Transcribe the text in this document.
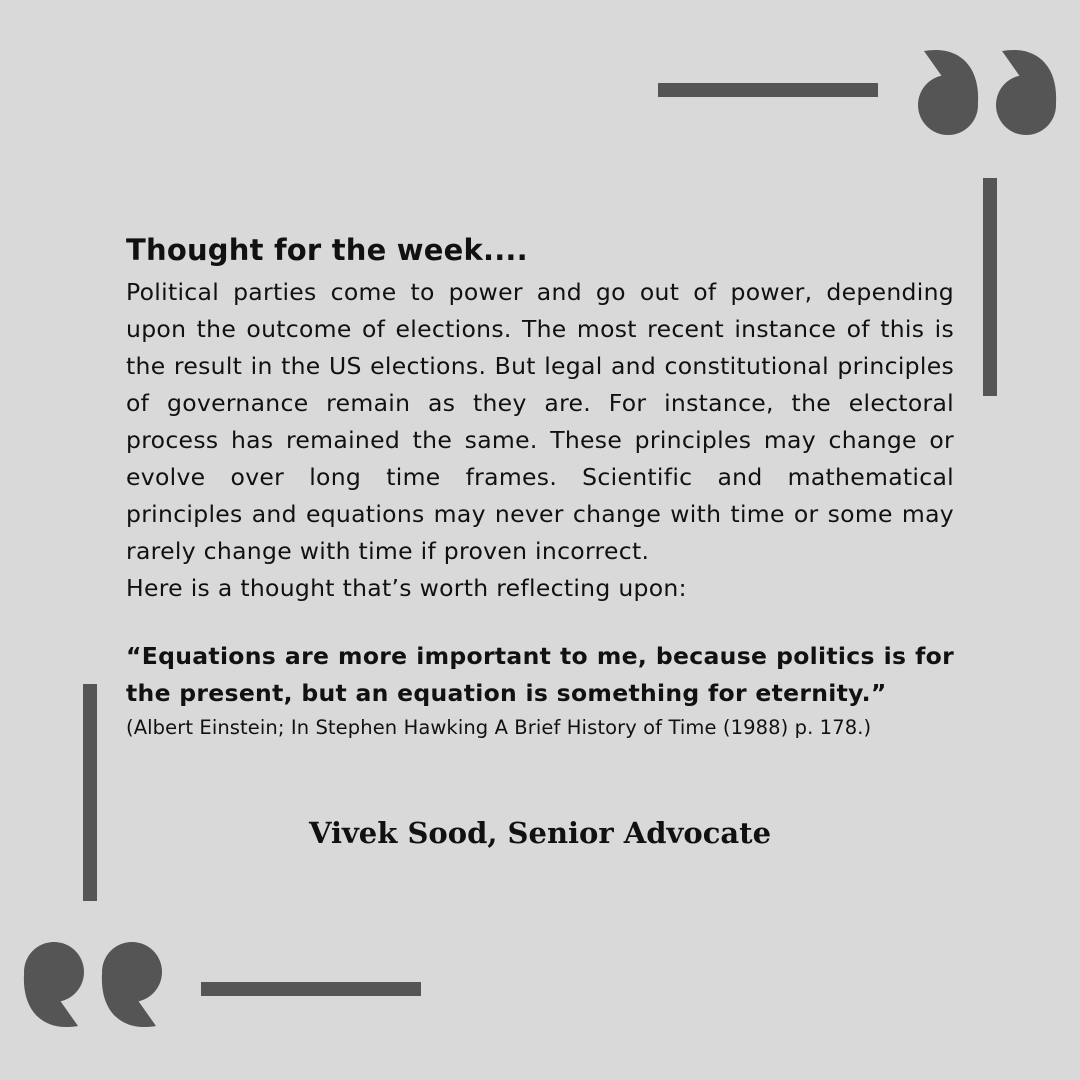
Thought for the week....

Political parties come to power and go out of power, depending upon the outcome of elections. The most recent instance of this is the result in the US elections. But legal and constitutional principles of governance remain as they are. For instance, the electoral process has remained the same. These principles may change or evolve over long time frames. Scientific and mathematical principles and equations may never change with time or some may rarely change with time if proven incorrect.

Here is a thought that’s worth reflecting upon:

“Equations are more important to me, because politics is for the present, but an equation is something for eternity.”
(Albert Einstein; In Stephen Hawking A Brief History of Time (1988) p. 178.)
Vivek Sood, Senior Advocate
